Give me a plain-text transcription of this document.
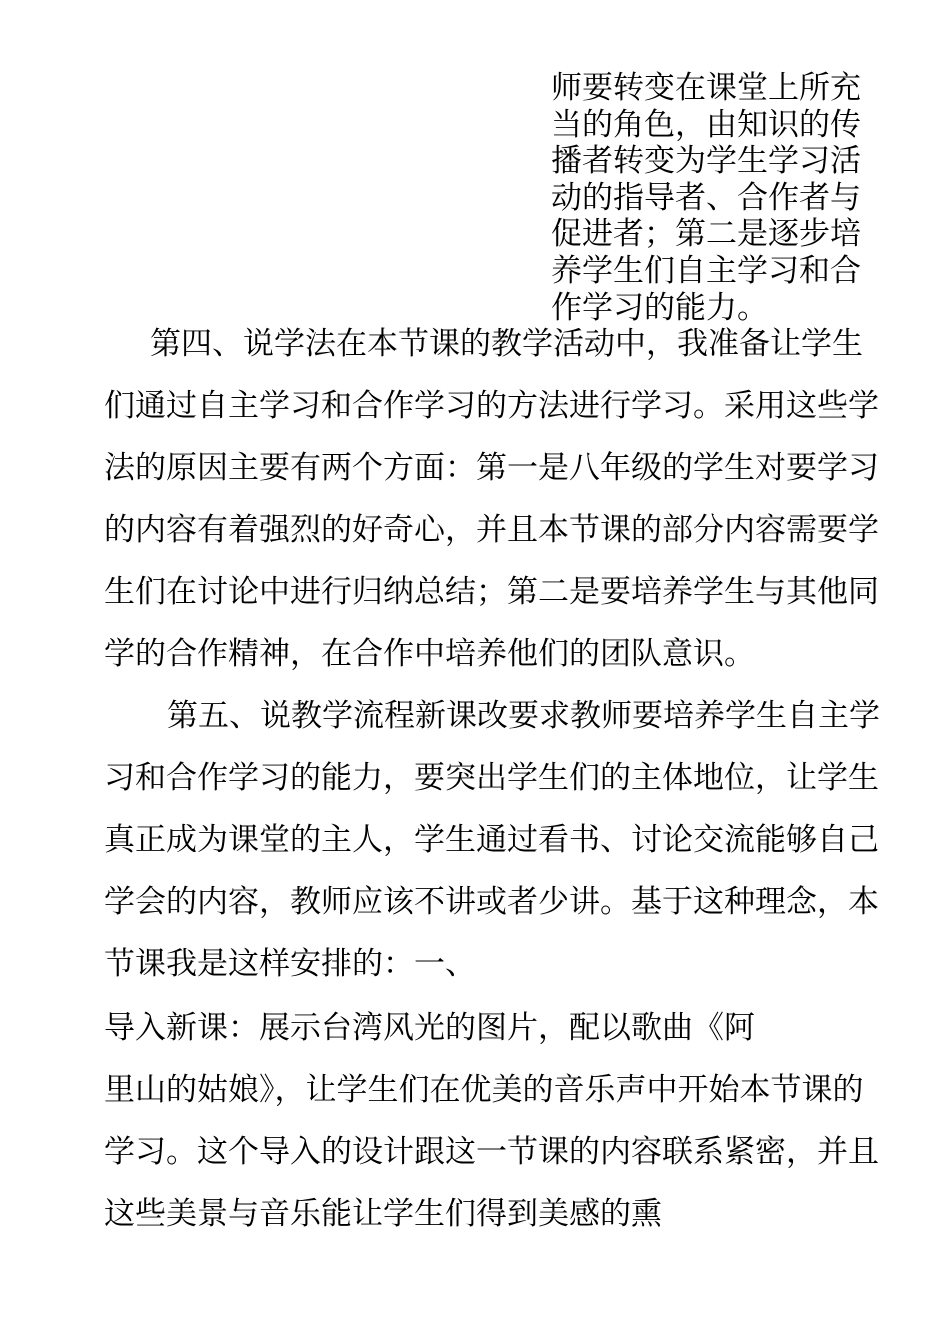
师要转变在课堂上所充
当的角色，由知识的传
播者转变为学生学习活
动的指导者、合作者与
促进者；第二是逐步培
养学生们自主学习和合
作学习的能力。
第四、说学法在本节课的教学活动中，我准备让学生
们通过自主学习和合作学习的方法进行学习。采用这些学
法的原因主要有两个方面：第一是八年级的学生对要学习
的内容有着强烈的好奇心，并且本节课的部分内容需要学
生们在讨论中进行归纳总结；第二是要培养学生与其他同
学的合作精神，在合作中培养他们的团队意识。
第五、说教学流程新课改要求教师要培养学生自主学
习和合作学习的能力，要突出学生们的主体地位，让学生
真正成为课堂的主人，学生通过看书、讨论交流能够自己
学会的内容，教师应该不讲或者少讲。基于这种理念，本
节课我是这样安排的：一、
导入新课：展示台湾风光的图片，配以歌曲《阿
里山的姑娘》，让学生们在优美的音乐声中开始本节课的
学习。这个导入的设计跟这一节课的内容联系紧密，并且
这些美景与音乐能让学生们得到美感的熏
